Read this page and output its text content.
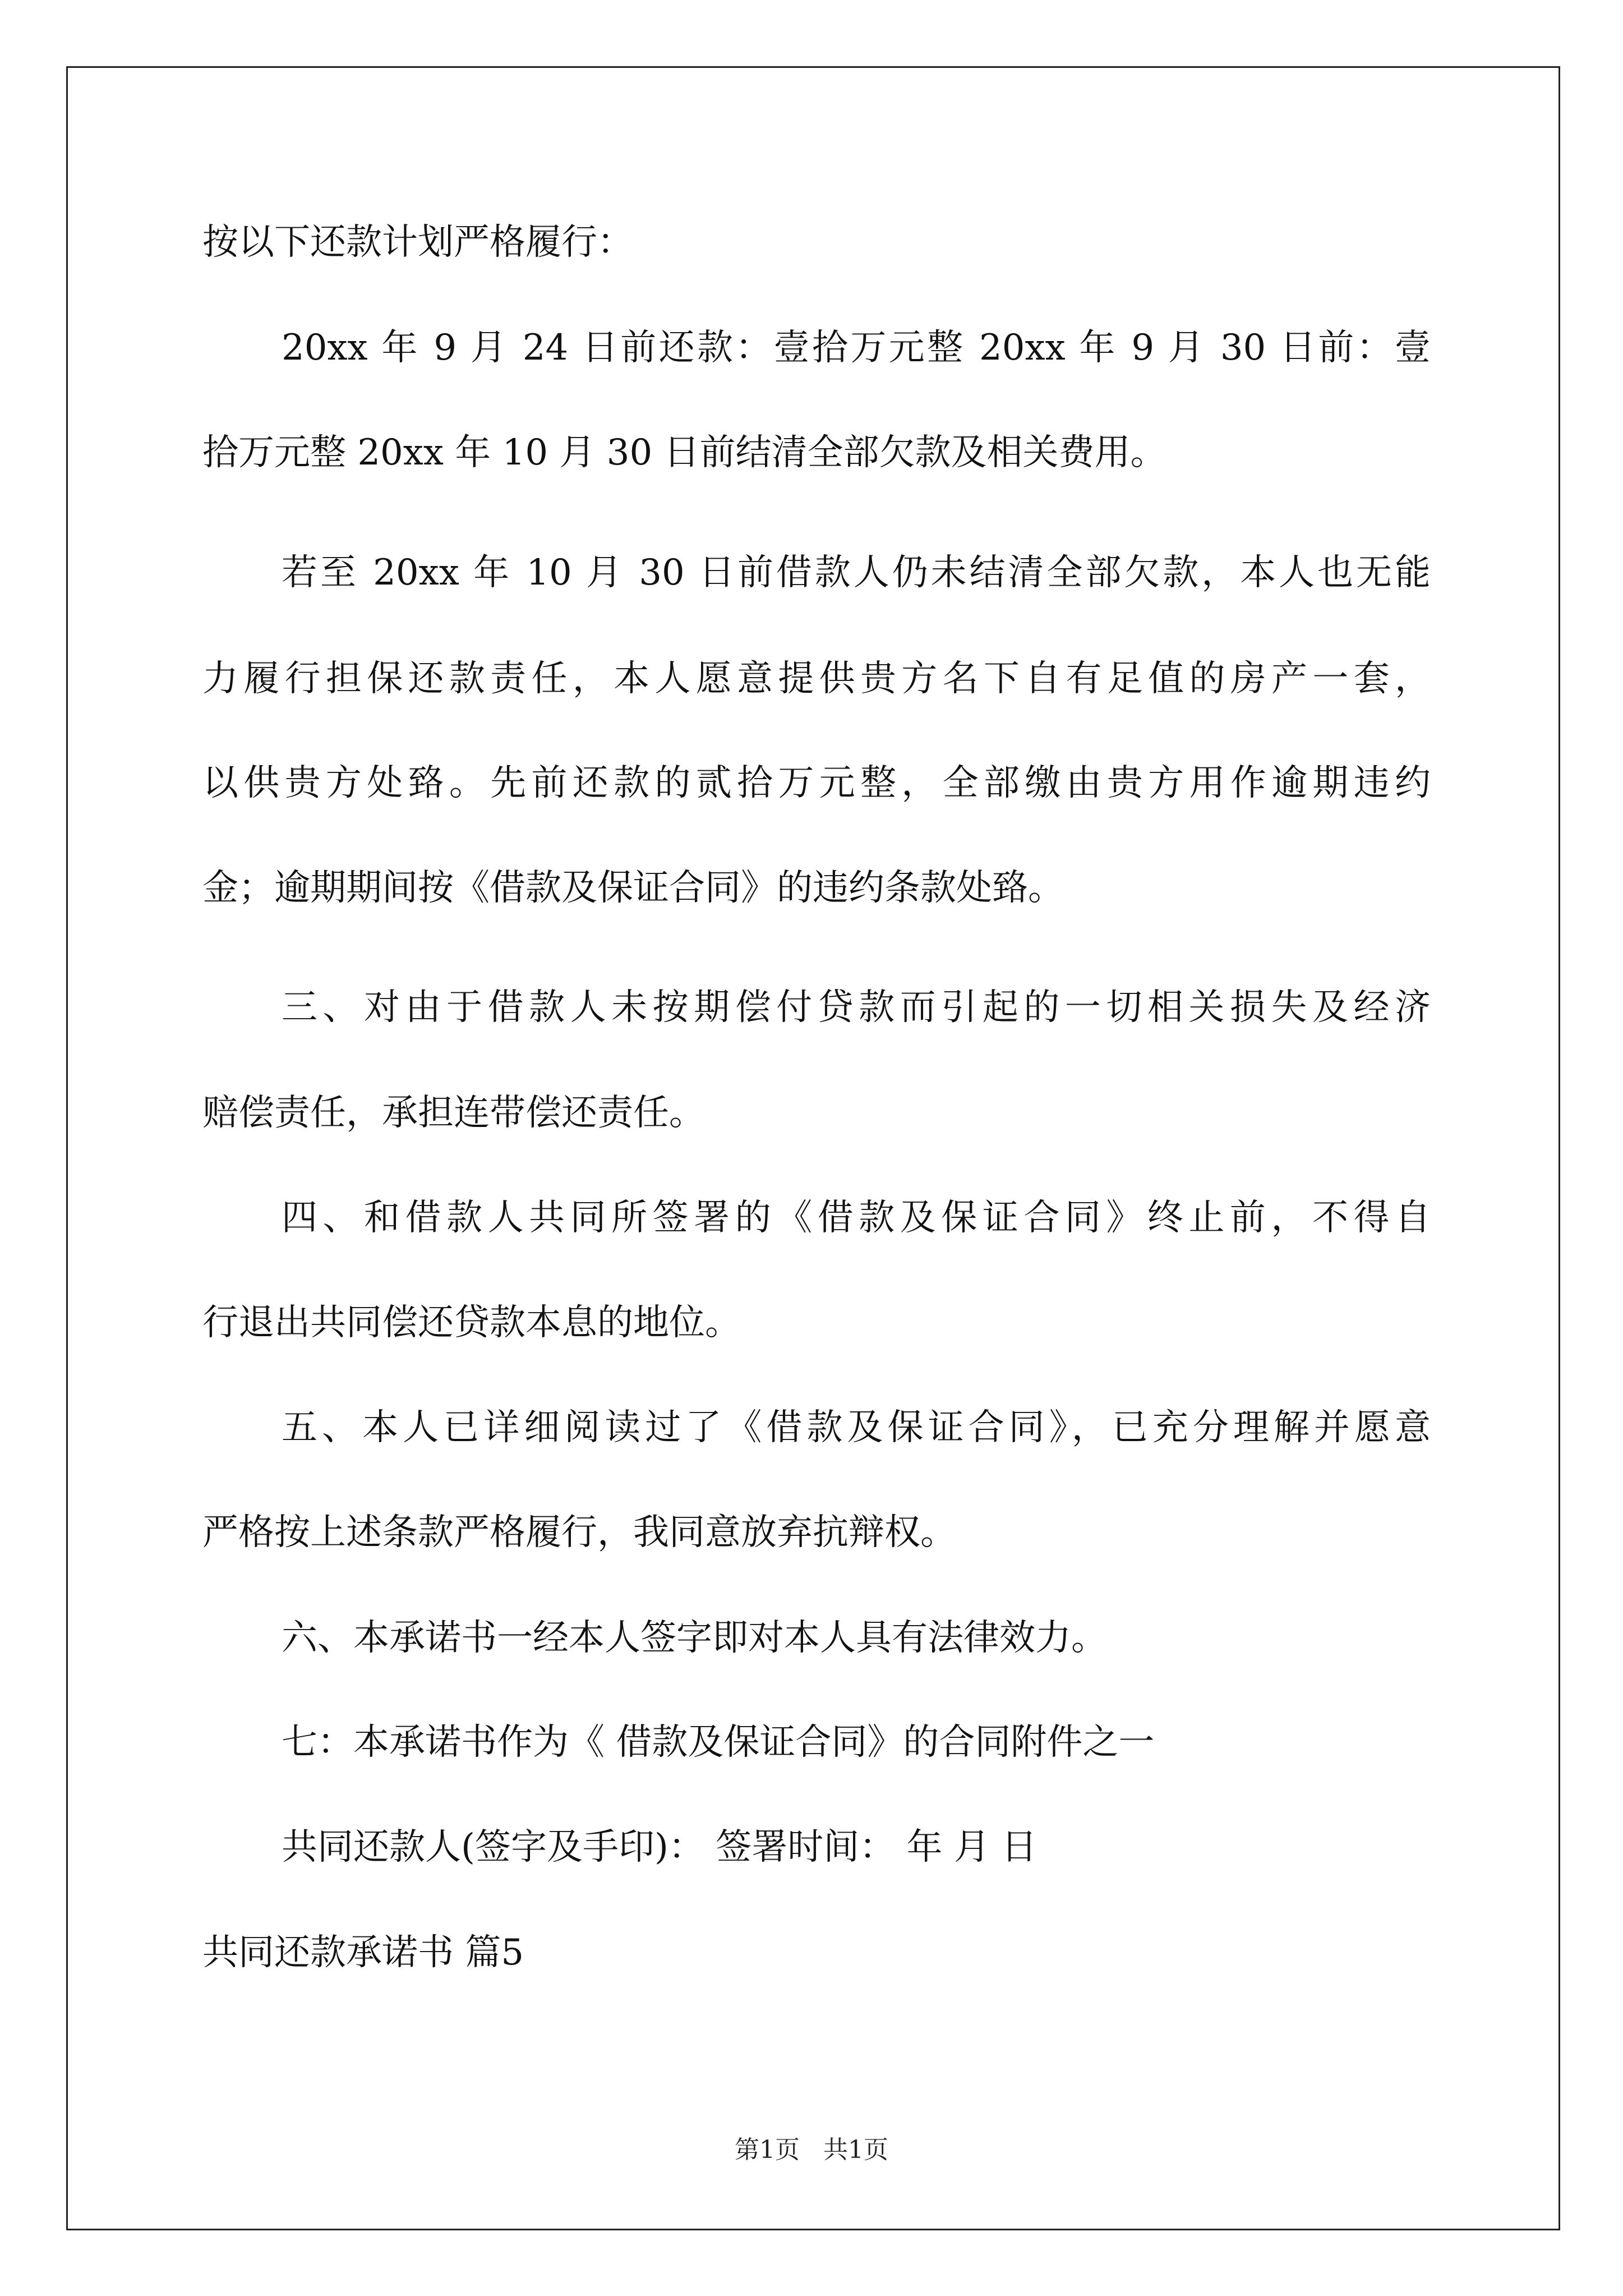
按以下还款计划严格履行：
20xx 年 9 月 24 日前还款：壹拾万元整 20xx 年 9 月 30 日前：壹
拾万元整 20xx 年 10 月 30 日前结清全部欠款及相关费用。
若至 20xx 年 10 月 30 日前借款人仍未结清全部欠款，本人也无能
力履行担保还款责任，本人愿意提供贵方名下自有足值的房产一套，
以供贵方处臵。先前还款的贰拾万元整，全部缴由贵方用作逾期违约
金；逾期期间按《借款及保证合同》的违约条款处臵。
三、对由于借款人未按期偿付贷款而引起的一切相关损失及经济
赔偿责任，承担连带偿还责任。
四、和借款人共同所签署的《借款及保证合同》终止前，不得自
行退出共同偿还贷款本息的地位。
五、本人已详细阅读过了《借款及保证合同》，已充分理解并愿意
严格按上述条款严格履行，我同意放弃抗辩权。
六、本承诺书一经本人签字即对本人具有法律效力。
七：本承诺书作为《 借款及保证合同》的合同附件之一
共同还款人(签字及手印)： 签署时间： 年 月 日
共同还款承诺书 篇5
第1页   共1页
